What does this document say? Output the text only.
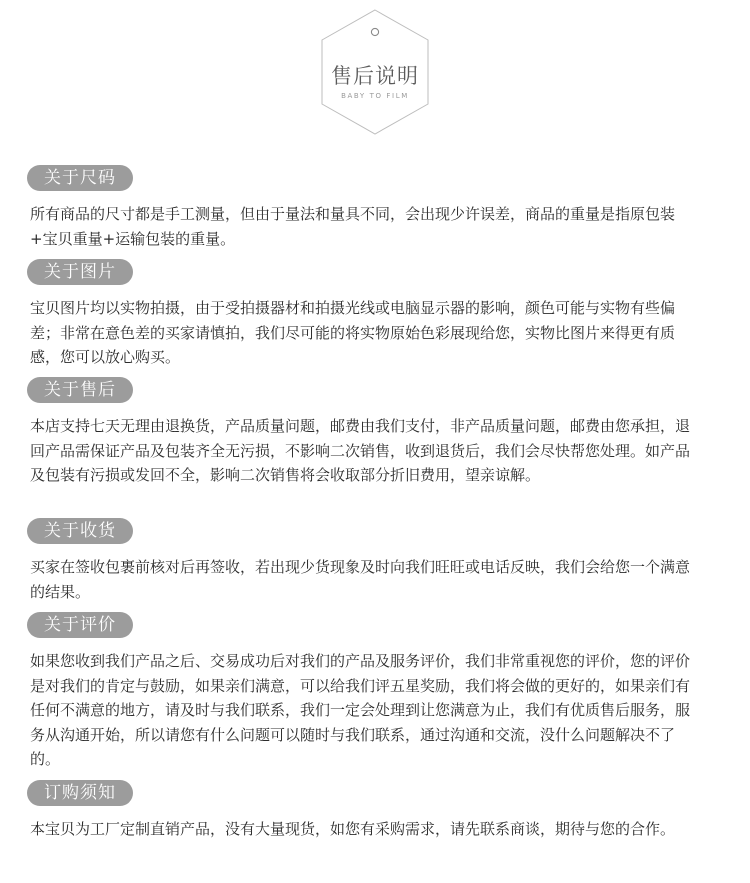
售后说明
BABY TO FILM
关于尺码

所有商品的尺寸都是手工测量，但由于量法和量具不同，会出现少许误差，商品的重量是指原包装+宝贝重量+运输包装的重量。

关于图片

宝贝图片均以实物拍摄，由于受拍摄器材和拍摄光线或电脑显示器的影响，颜色可能与实物有些偏差；非常在意色差的买家请慎拍，我们尽可能的将实物原始色彩展现给您，实物比图片来得更有质感，您可以放心购买。

关于售后

本店支持七天无理由退换货，产品质量问题，邮费由我们支付，非产品质量问题，邮费由您承担，退回产品需保证产品及包装齐全无污损，不影响二次销售，收到退货后，我们会尽快帮您处理。如产品及包装有污损或发回不全，影响二次销售将会收取部分折旧费用，望亲谅解。

关于收货

买家在签收包裹前核对后再签收，若出现少货现象及时向我们旺旺或电话反映，我们会给您一个满意的结果。

关于评价

如果您收到我们产品之后、交易成功后对我们的产品及服务评价，我们非常重视您的评价，您的评价是对我们的肯定与鼓励，如果亲们满意，可以给我们评五星奖励，我们将会做的更好的，如果亲们有任何不满意的地方，请及时与我们联系，我们一定会处理到让您满意为止，我们有优质售后服务，服务从沟通开始，所以请您有什么问题可以随时与我们联系，通过沟通和交流，没什么问题解决不了的。

订购须知

本宝贝为工厂定制直销产品，没有大量现货，如您有采购需求，请先联系商谈，期待与您的合作。
